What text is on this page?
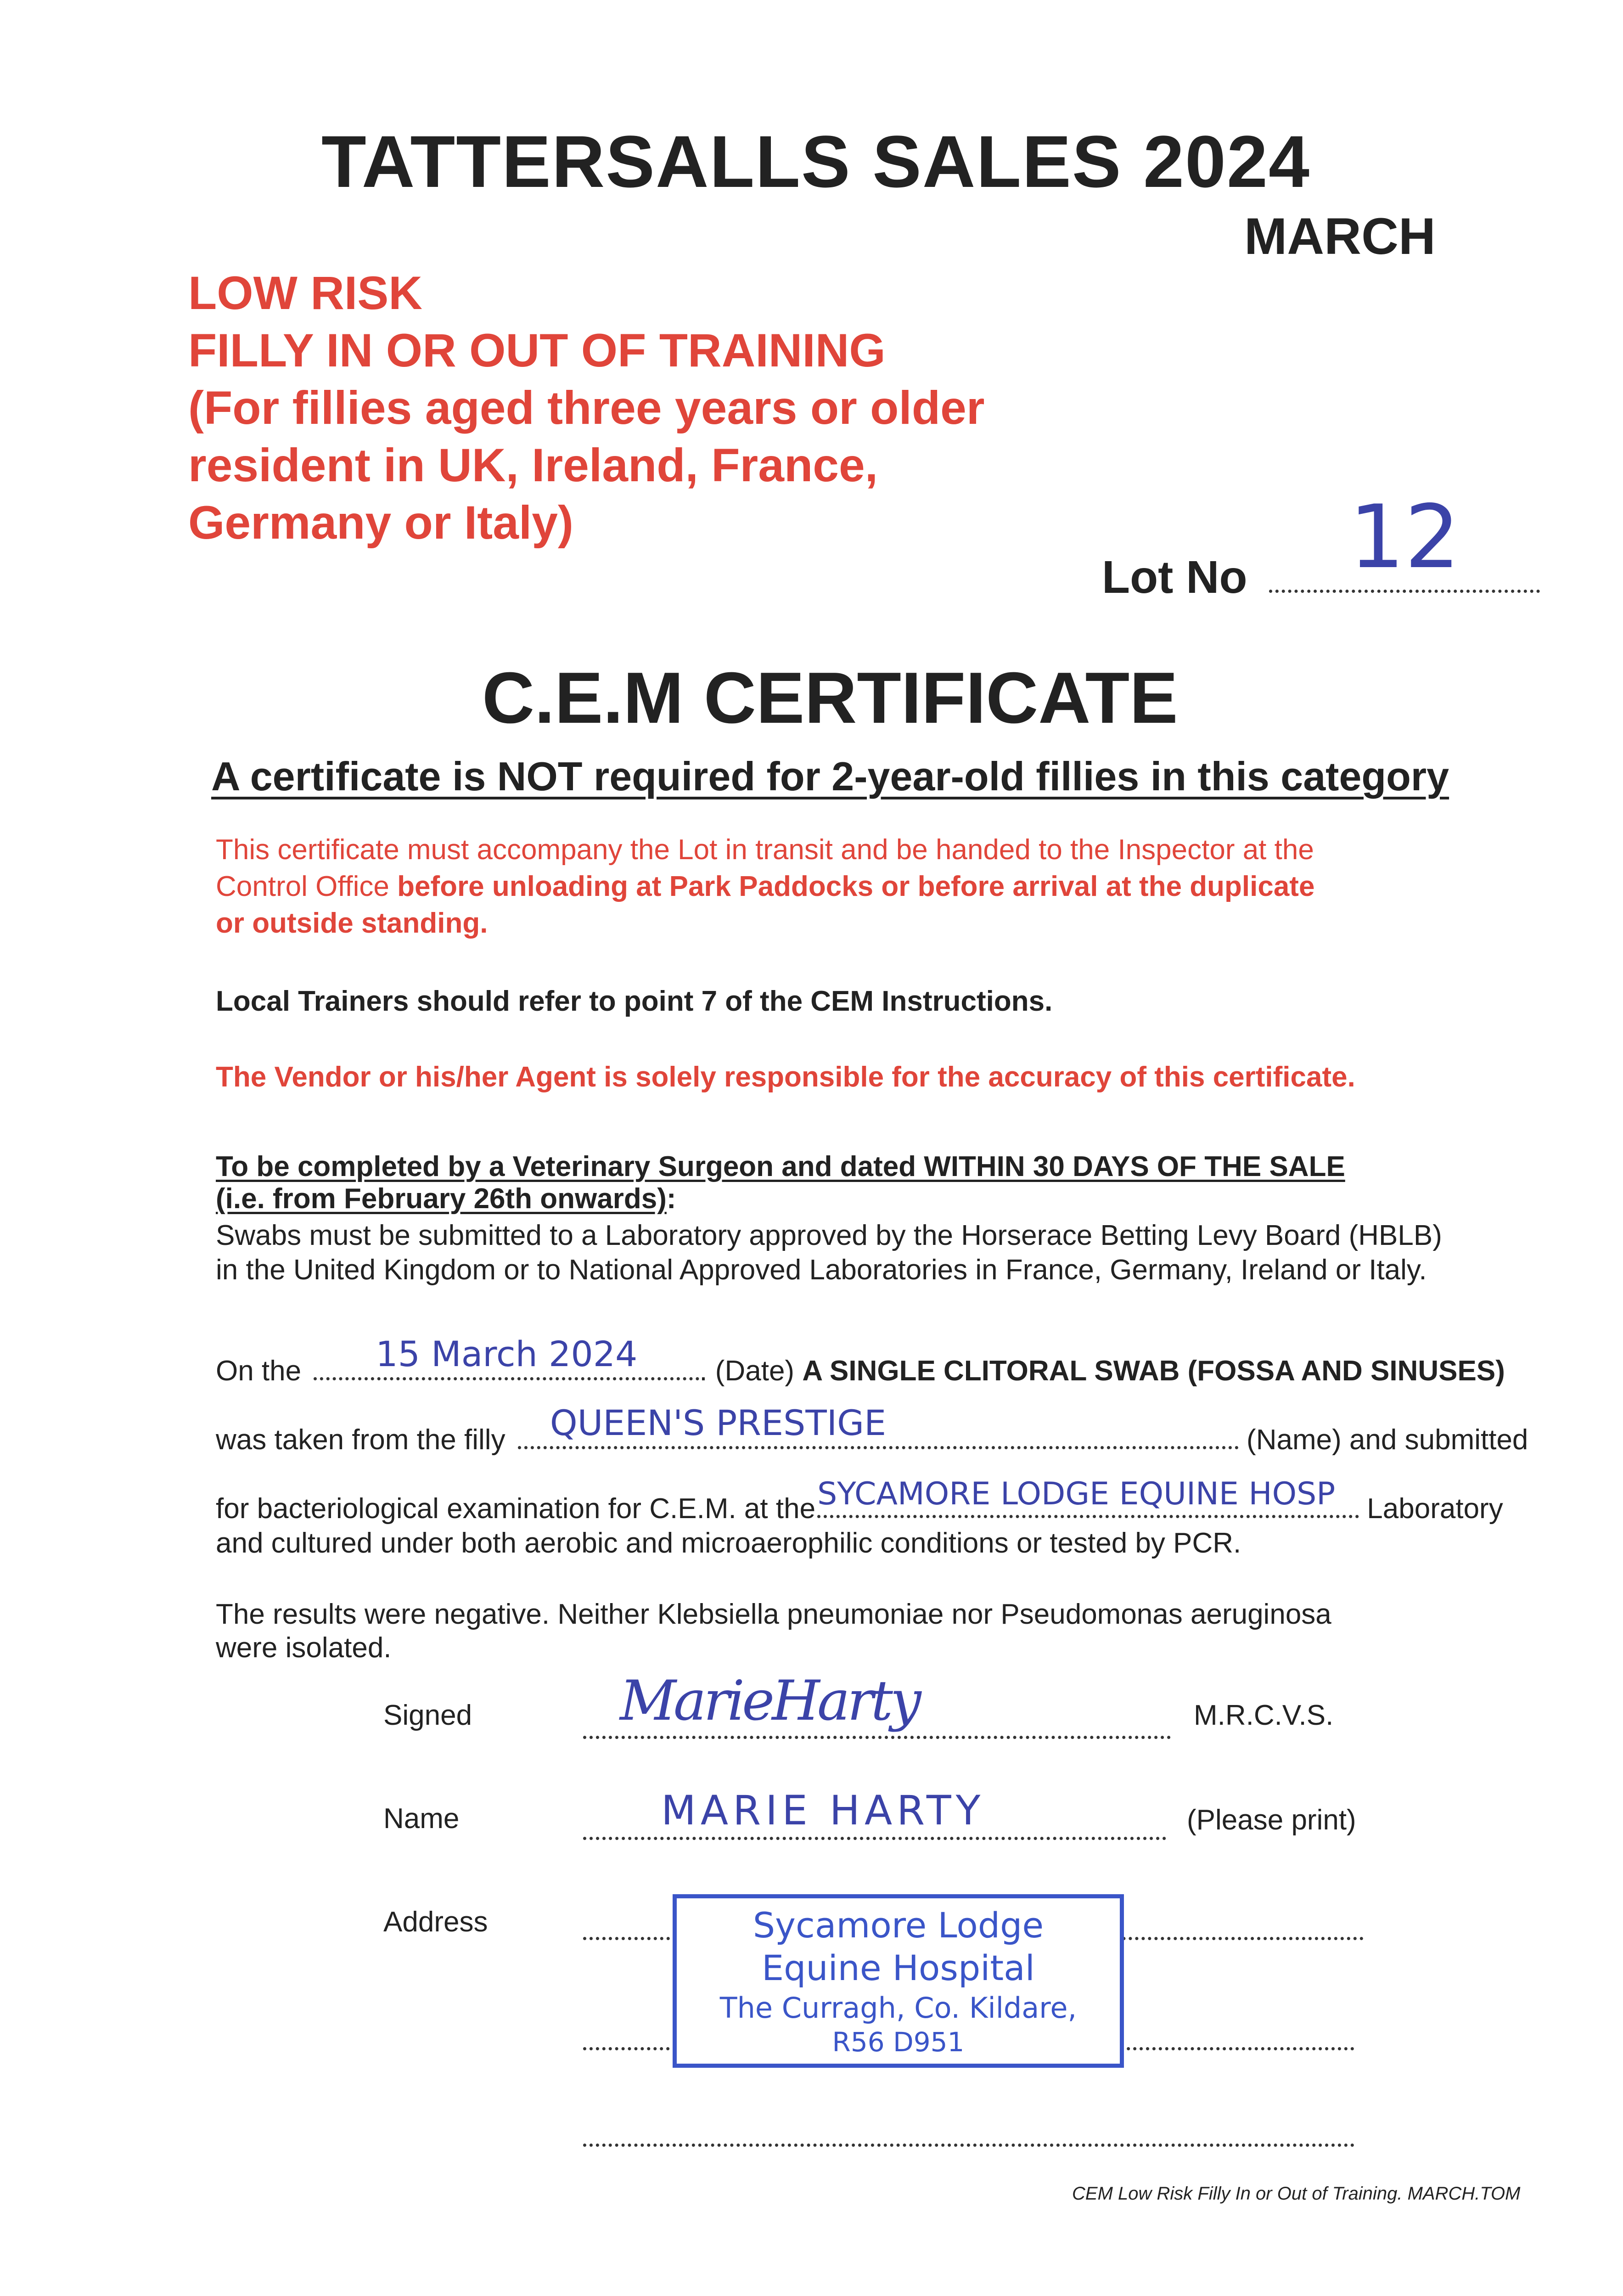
TATTERSALLS SALES 2024
MARCH
LOW RISK
FILLY IN OR OUT OF TRAINING
(For fillies aged three years or older
resident in UK, Ireland, France,
Germany or Italy)
Lot No	12
C.E.M CERTIFICATE
A certificate is NOT required for 2-year-old fillies in this category
This certificate must accompany the Lot in transit and be handed to the Inspector at the
Control Office before unloading at Park Paddocks or before arrival at the duplicate
or outside standing.
Local Trainers should refer to point 7 of the CEM Instructions.
The Vendor or his/her Agent is solely responsible for the accuracy of this certificate.
To be completed by a Veterinary Surgeon and dated WITHIN 30 DAYS OF THE SALE
(i.e. from February 26th onwards):
Swabs must be submitted to a Laboratory approved by the Horserace Betting Levy Board (HBLB)
in the United Kingdom or to National Approved Laboratories in France, Germany, Ireland or Italy.
On the	15 March 2024	. (Date) A SINGLE CLITORAL SWAB (FOSSA AND SINUSES)
was taken from the filly QUEEN'S PRESTIGE	(Name) and submitted
for bacteriological examination for C.E.M. at the SYCAMORE LODGE EQUINE HOSP	Laboratory
and cultured under both aerobic and microaerophilic conditions or tested by PCR.
The results were negative. Neither Klebsiella pneumoniae nor Pseudomonas aeruginosa
were isolated.
Signed	MarieHarty	M.R.C.V.S.
Name	MARIE HARTY	(Please print)
Address	Sycamore Lodge
Equine Hospital
The Curragh, Co. Kildare,
R56 D951
CEM Low Risk Filly In or Out of Training. MARCH.TOM
